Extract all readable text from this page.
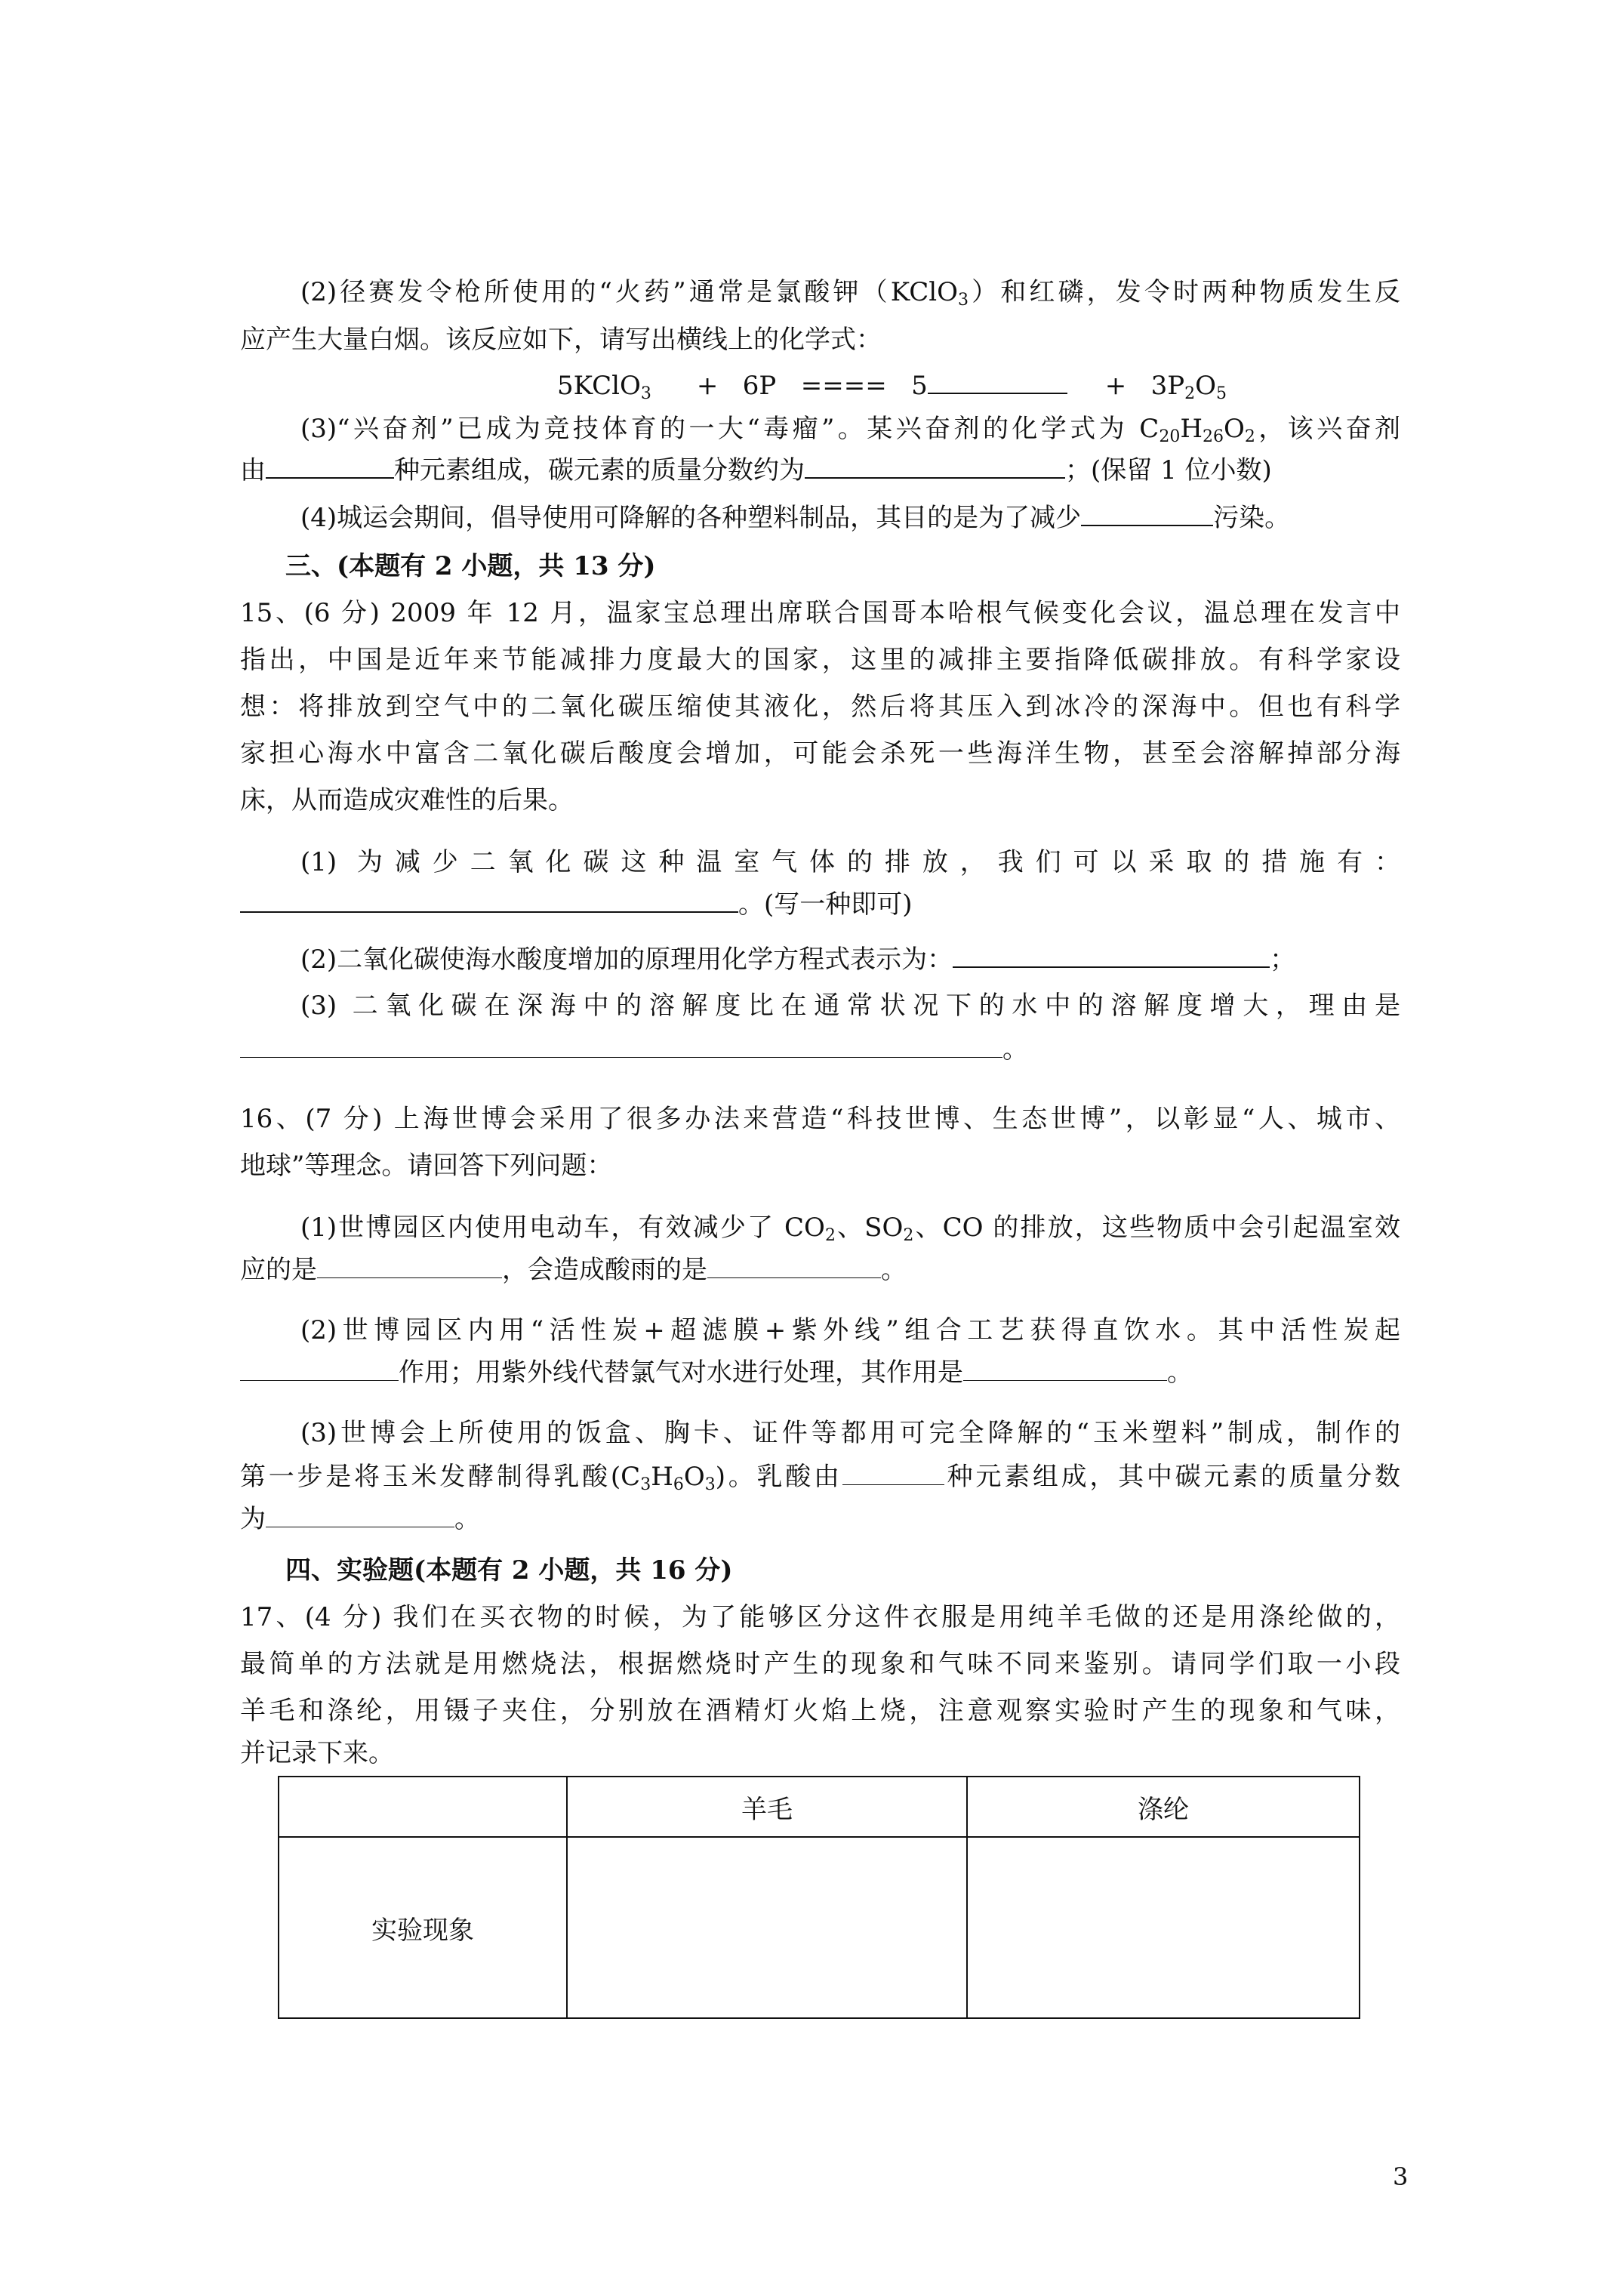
(2)径赛发令枪所使用的“火药”通常是氯酸钾（KClO$_3$）和红磷，发令时两种物质发生反
应产生大量白烟。该反应如下，请写出横线上的化学式：
5KClO$_3$ +   6P   ====   5	+   $3P_2O_5$
(3)“兴奋剂”已成为竞技体育的一大“毒瘤”。某兴奋剂的化学式为 $C_{20}H_{26}O_2$，该兴奋剂
由	种元素组成，碳元素的质量分数约为	；(保留 1 位小数)
(4)城运会期间，倡导使用可降解的各种塑料制品，其目的是为了减少	污染。
三、(本题有 2 小题，共 13 分)
15、(6 分) 2009 年 12 月，温家宝总理出席联合国哥本哈根气候变化会议，温总理在发言中
指出，中国是近年来节能减排力度最大的国家，这里的减排主要指降低碳排放。有科学家设
想：将排放到空气中的二氧化碳压缩使其液化，然后将其压入到冰冷的深海中。但也有科学
家担心海水中富含二氧化碳后酸度会增加，可能会杀死一些海洋生物，甚至会溶解掉部分海
床，从而造成灾难性的后果。
(1) 为减少二氧化碳这种温室气体的排放，我们可以采取的措施有：
。(写一种即可)
(2)二氧化碳使海水酸度增加的原理用化学方程式表示为：	；
(3) 二氧化碳在深海中的溶解度比在通常状况下的水中的溶解度增大，理由是
。
16、(7 分) 上海世博会采用了很多办法来营造“科技世博、生态世博”，以彰显“人、城市、
地球”等理念。请回答下列问题：
(1)世博园区内使用电动车，有效减少了 $CO_2$、$SO_2$、CO 的排放，这些物质中会引起温室效
应的是	，会造成酸雨的是	。
(2)世博园区内用“活性炭+超滤膜+紫外线”组合工艺获得直饮水。其中活性炭起
作用；用紫外线代替氯气对水进行处理，其作用是	。
(3)世博会上所使用的饭盒、胸卡、证件等都用可完全降解的“玉米塑料”制成，制作的
第一步是将玉米发酵制得乳酸$(C_3H_6O_3)$。乳酸由	种元素组成，其中碳元素的质量分数
为	。
四、实验题(本题有 2 小题，共 16 分)
17、(4 分) 我们在买衣物的时候，为了能够区分这件衣服是用纯羊毛做的还是用涤纶做的，
最简单的方法就是用燃烧法，根据燃烧时产生的现象和气味不同来鉴别。请同学们取一小段
羊毛和涤纶，用镊子夹住，分别放在酒精灯火焰上烧，注意观察实验时产生的现象和气味，
并记录下来。
	羊毛	涤纶
实验现象		
3
